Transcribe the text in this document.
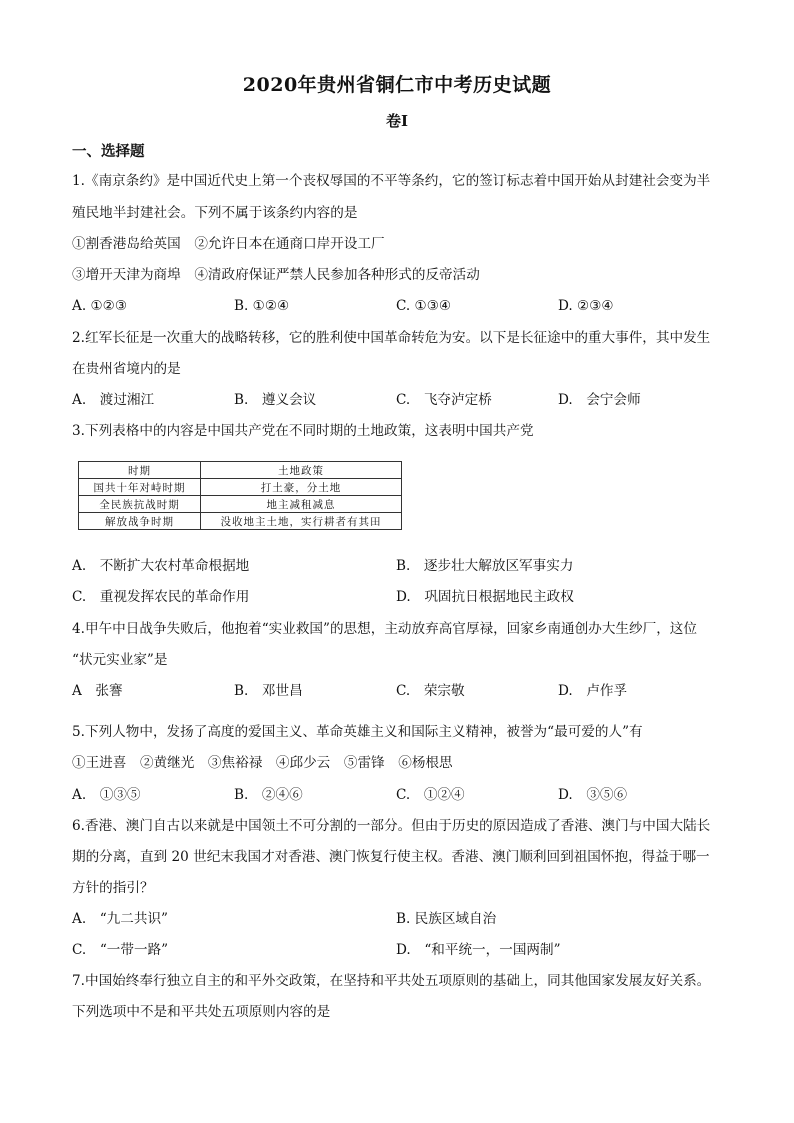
2020年贵州省铜仁市中考历史试题
卷I
一、选择题
1.《南京条约》是中国近代史上第一个丧权辱国的不平等条约，它的签订标志着中国开始从封建社会变为半
殖民地半封建社会。下列不属于该条约内容的是
①割香港岛给英国　②允许日本在通商口岸开设工厂
③增开天津为商埠　④清政府保证严禁人民参加各种形式的反帝活动
A. ①②③	B. ①②④	C. ①③④	D. ②③④
2.红军长征是一次重大的战略转移，它的胜利使中国革命转危为安。以下是长征途中的重大事件，其中发生
在贵州省境内的是
A.　渡过湘江	B.　遵义会议	C.　飞夺泸定桥	D.　会宁会师
3.下列表格中的内容是中国共产党在不同时期的土地政策，这表明中国共产党
时期	土地政策
国共十年对峙时期	打土豪，分土地
全民族抗战时期	地主减租减息
解放战争时期	没收地主土地，实行耕者有其田
A.　不断扩大农村革命根据地	B.　逐步壮大解放区军事实力
C.　重视发挥农民的革命作用	D.　巩固抗日根据地民主政权
4.甲午中日战争失败后，他抱着“实业救国”的思想，主动放弃高官厚禄，回家乡南通创办大生纱厂，这位
“状元实业家”是
A　张謇	B.　邓世昌	C.　荣宗敬	D.　卢作孚
5.下列人物中，发扬了高度的爱国主义、革命英雄主义和国际主义精神，被誉为“最可爱的人”有
①王进喜　②黄继光　③焦裕禄　④邱少云　⑤雷锋　⑥杨根思
A.　①③⑤	B.　②④⑥	C.　①②④	D.　③⑤⑥
6.香港、澳门自古以来就是中国领土不可分割的一部分。但由于历史的原因造成了香港、澳门与中国大陆长
期的分离，直到 20 世纪末我国才对香港、澳门恢复行使主权。香港、澳门顺利回到祖国怀抱，得益于哪一
方针的指引？
A.　“九二共识”	B. 民族区域自治
C.　“一带一路”	D.　“和平统一，一国两制”
7.中国始终奉行独立自主的和平外交政策，在坚持和平共处五项原则的基础上，同其他国家发展友好关系。
下列选项中不是和平共处五项原则内容的是
